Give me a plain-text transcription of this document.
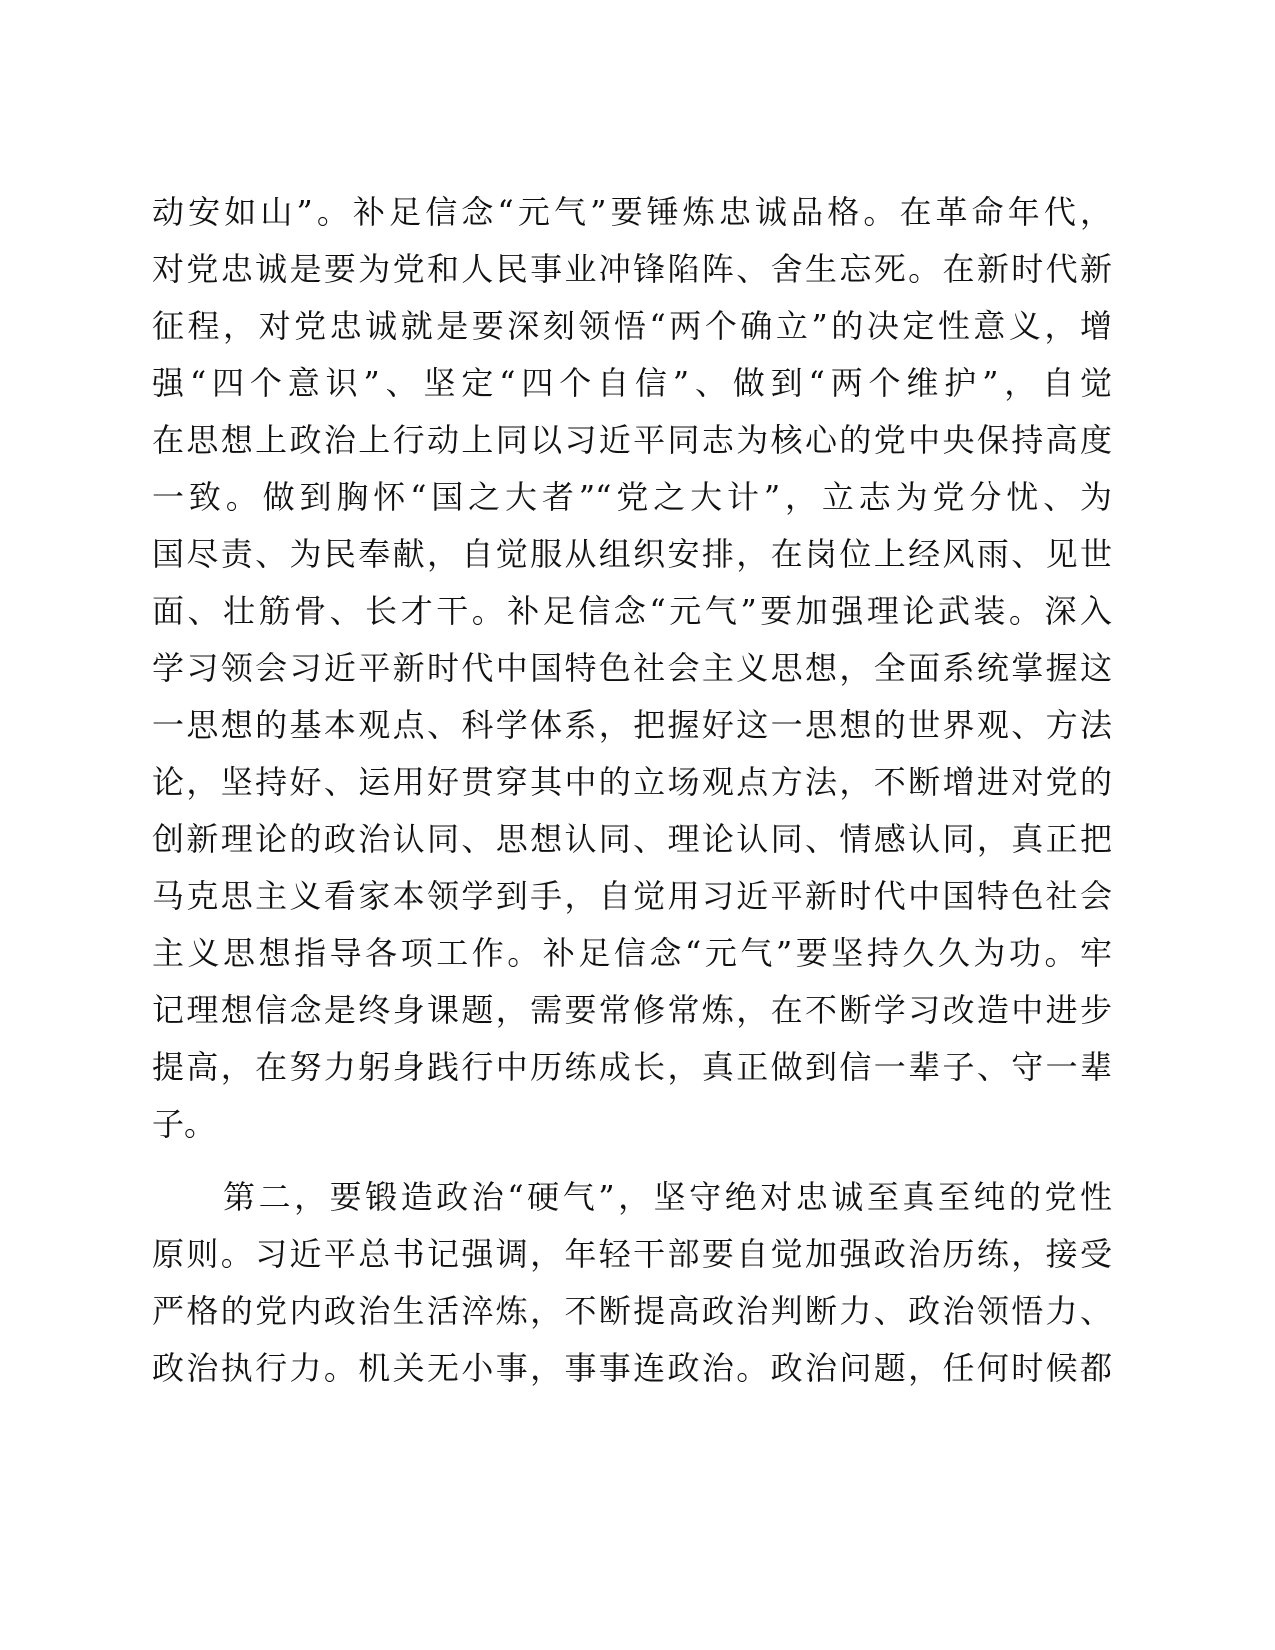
动安如山”。补足信念“元气”要锤炼忠诚品格。在革命年代，
对党忠诚是要为党和人民事业冲锋陷阵、舍生忘死。在新时代新
征程，对党忠诚就是要深刻领悟“两个确立”的决定性意义，增
强“四个意识”、坚定“四个自信”、做到“两个维护”，自觉
在思想上政治上行动上同以习近平同志为核心的党中央保持高度
一致。做到胸怀“国之大者”“党之大计”，立志为党分忧、为
国尽责、为民奉献，自觉服从组织安排，在岗位上经风雨、见世
面、壮筋骨、长才干。补足信念“元气”要加强理论武装。深入
学习领会习近平新时代中国特色社会主义思想，全面系统掌握这
一思想的基本观点、科学体系，把握好这一思想的世界观、方法
论，坚持好、运用好贯穿其中的立场观点方法，不断增进对党的
创新理论的政治认同、思想认同、理论认同、情感认同，真正把
马克思主义看家本领学到手，自觉用习近平新时代中国特色社会
主义思想指导各项工作。补足信念“元气”要坚持久久为功。牢
记理想信念是终身课题，需要常修常炼，在不断学习改造中进步
提高，在努力躬身践行中历练成长，真正做到信一辈子、守一辈
子。
　　第二，要锻造政治“硬气”，坚守绝对忠诚至真至纯的党性
原则。习近平总书记强调，年轻干部要自觉加强政治历练，接受
严格的党内政治生活淬炼，不断提高政治判断力、政治领悟力、
政治执行力。机关无小事，事事连政治。政治问题，任何时候都
